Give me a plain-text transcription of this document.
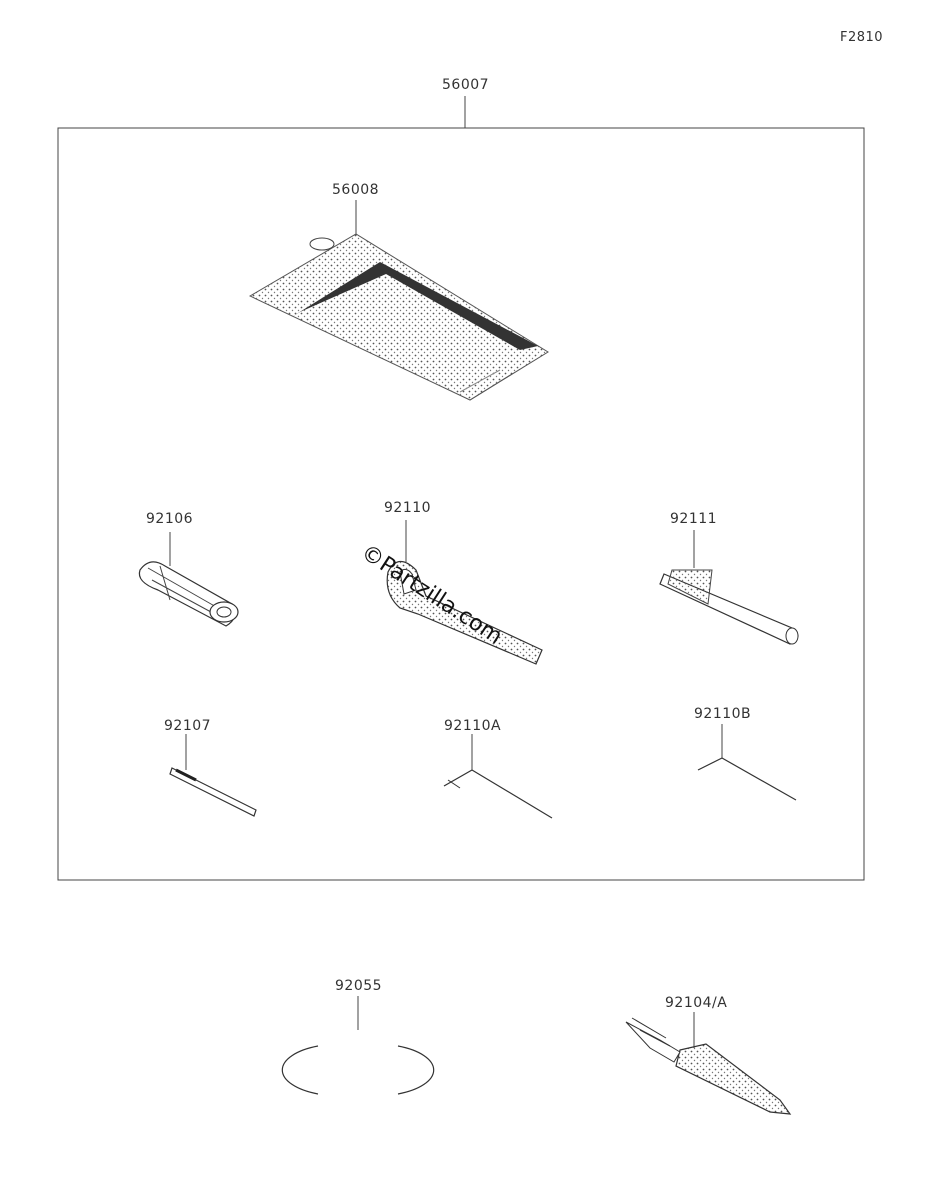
F2810
56007
56008
92106
92110
92111
92107	92110A
92110B
92055
92104/A
©Partzilla.com
